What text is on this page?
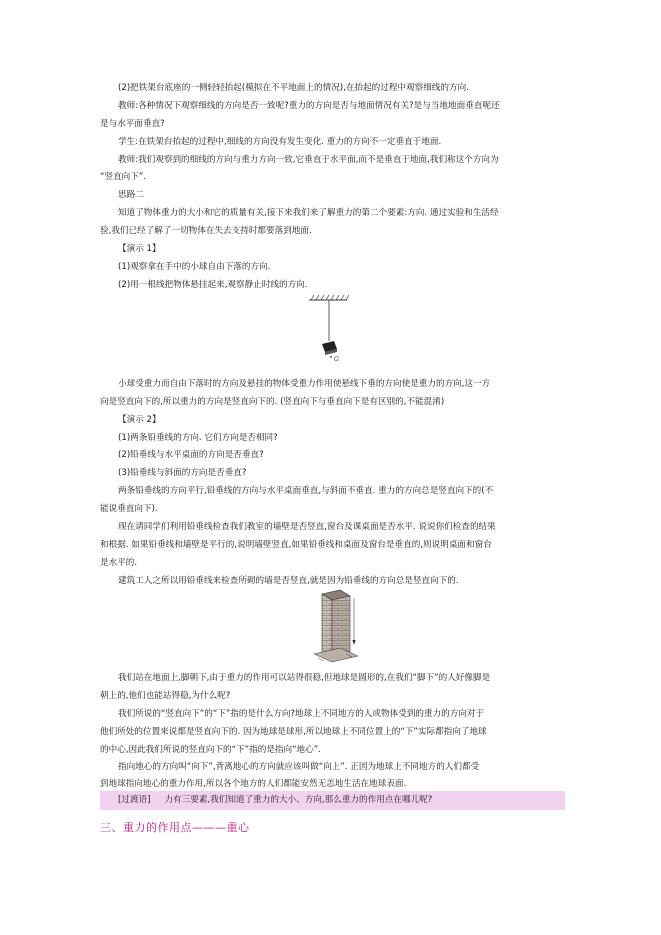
(2)把铁架台底座的一侧轻轻抬起(模拟在不平地面上的情况),在抬起的过程中观察细线的方向.
教师:各种情况下观察细线的方向是否一致呢?重力的方向是否与地面情况有关?是与当地地面垂直呢还
是与水平面垂直?
学生:在铁架台抬起的过程中,细线的方向没有发生变化. 重力的方向不一定垂直于地面.
教师:我们观察到的细线的方向与重力方向一致,它垂直于水平面,而不是垂直于地面,我们称这个方向为
“竖直向下”.
思路二
知道了物体重力的大小和它的质量有关,接下来我们来了解重力的第二个要素:方向. 通过实验和生活经
验,我们已经了解了一切物体在失去支持时都要落到地面.
【演示 1】
(1)观察拿在手中的小球自由下落的方向.
(2)用一根线把物体悬挂起来,观察静止时线的方向.
G
小球受重力而自由下落时的方向及悬挂的物体受重力作用使悬线下垂的方向使是重力的方向,这一方
向是竖直向下的,所以重力的方向是竖直向下的. (竖直向下与垂直向下是有区别的,不能混淆)
【演示 2】
(1)两条铅垂线的方向. 它们方向是否相同?
(2)铅垂线与水平桌面的方向是否垂直?
(3)铅垂线与斜面的方向是否垂直?
两条铅垂线的方向平行,铅垂线的方向与水平桌面垂直,与斜面不垂直. 重力的方向总是竖直向下的(不
能说垂直向下).
现在请同学们利用铅垂线检查我们教室的墙壁是否竖直,窗台及课桌面是否水平. 说说你们检查的结果
和根据. 如果铅垂线和墙壁是平行的,说明墙壁竖直,如果铅垂线和桌面及窗台是垂直的,则说明桌面和窗台
是水平的.
建筑工人之所以用铅垂线来检查所砌的墙是否竖直,就是因为铅垂线的方向总是竖直向下的.
我们站在地面上,脚朝下,由于重力的作用可以站得很稳,但地球是圆形的,在我们“脚下”的人好像脚是
朝上的,他们也能站得稳,为什么呢?
我们所说的“竖直向下”的“下”指的是什么方向?地球上不同地方的人或物体受到的重力的方向对于
他们所处的位置来说都是竖直向下的. 因为地球是球形,所以地球上不同位置上的“下”实际都指向了地球
的中心,因此我们所说的竖直向下的“下”指的是指向“地心”.
指向地心的方向叫“向下”,背离地心的方向就应该叫做“向上”. 正因为地球上不同地方的人们都受
到地球指向地心的重力作用,所以各个地方的人们都能安然无恙地生活在地球表面.
[过渡语] 力有三要素,我们知道了重力的大小、方向,那么重力的作用点在哪儿呢?
三、重力的作用点———重心
